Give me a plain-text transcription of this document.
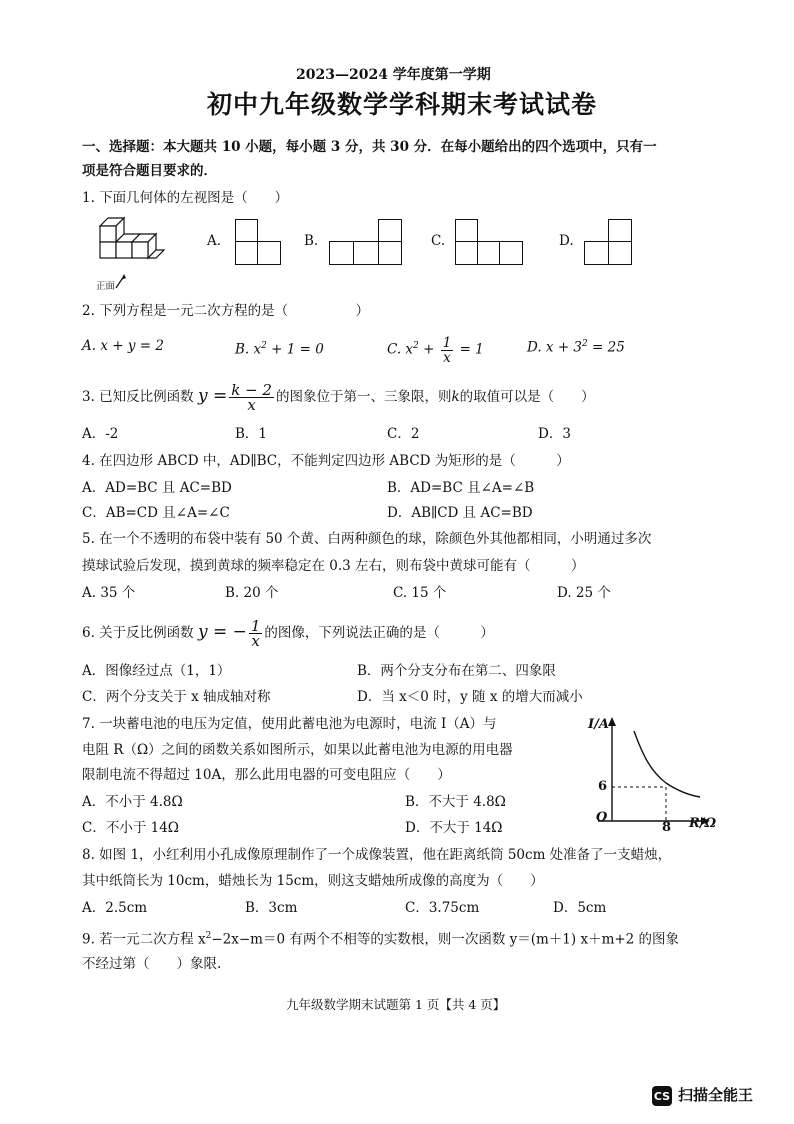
2023—2024 学年度第一学期
初中九年级数学学科期末考试试卷
一、选择题：本大题共 10 小题，每小题 3 分，共 30 分．在每小题给出的四个选项中，只有一
项是符合题目要求的．
1. 下面几何体的左视图是（　　）
正面
A.	B.	C.	D.
2. 下列方程是一元二次方程的是（　　　　　）
A. x + y = 2	B. $x^2 + 1 = 0$	C. $x^2 + \frac{1}{x} = 1$	D. $x + 3^2 = 25$
3. 已知反比例函数 $y = \frac{k - 2}{x}$ 的图象位于第一、三象限，则k的取值可以是（　　）
A．-2	B．1	C．2	D．3
4. 在四边形 ABCD 中，AD∥BC，不能判定四边形 ABCD 为矩形的是（　　　）
A．AD=BC 且 AC=BD	B．AD=BC 且∠A=∠B
C．AB=CD 且∠A=∠C	D．AB∥CD 且 AC=BD
5. 在一个不透明的布袋中装有 50 个黄、白两种颜色的球，除颜色外其他都相同，小明通过多次
摸球试验后发现，摸到黄球的频率稳定在 0.3 左右，则布袋中黄球可能有（　　　）
A. 35 个	B. 20 个	C. 15 个	D. 25 个
6. 关于反比例函数 y = − $\frac{1}{x}$ 的图像，下列说法正确的是（　　　）
A．图像经过点（1，1）	B．两个分支分布在第二、四象限
C．两个分支关于 x 轴成轴对称	D．当 x＜0 时，y 随 x 的增大而减小
7. 一块蓄电池的电压为定值，使用此蓄电池为电源时，电流 I（A）与
电阻 R（Ω）之间的函数关系如图所示，如果以此蓄电池为电源的用电器
限制电流不得超过 10A，那么此用电器的可变电阻应（　　）
A．不小于 4.8Ω	B．不大于 4.8Ω
C．不小于 14Ω	D．不大于 14Ω
I/A
R/Ω
O
6
8
8. 如图 1，小红利用小孔成像原理制作了一个成像装置，他在距离纸筒 50cm 处准备了一支蜡烛，
其中纸筒长为 10cm，蜡烛长为 15cm，则这支蜡烛所成像的高度为（　　）
A．2.5cm	B．3cm	C．3.75cm	D．5cm
9. 若一元二次方程 $x^2-2x-m=0$ 有两个不相等的实数根，则一次函数 y＝(m＋1) x＋m+2 的图象
不经过第（　　）象限.
九年级数学期末试题第 1 页【共 4 页】
CS 扫描全能王
